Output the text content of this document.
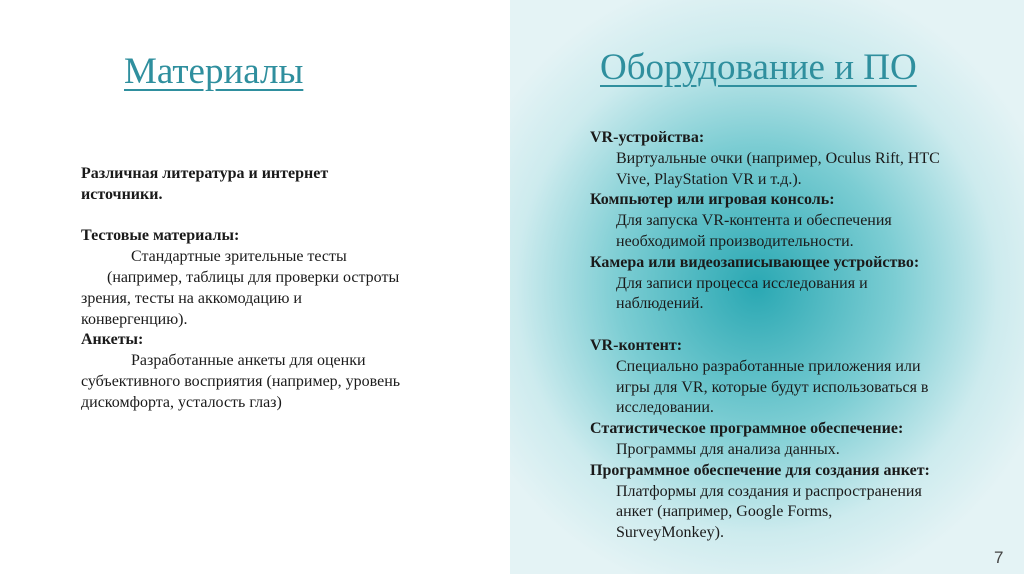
Материалы	Оборудование и ПО
Различная литература и интернет
источники.
Тестовые материалы:
Стандартные зрительные тесты
(например, таблицы для проверки остроты
зрения, тесты на аккомодацию и
конвергенцию).
Анкеты:
Разработанные анкеты для оценки
субъективного восприятия (например, уровень
дискомфорта, усталость глаз)
VR-устройства:
Виртуальные очки (например, Oculus Rift, HTC
Vive, PlayStation VR и т.д.).
Компьютер или игровая консоль:
Для запуска VR-контента и обеспечения
необходимой производительности.
Камера или видеозаписывающее устройство:
Для записи процесса исследования и
наблюдений.
VR-контент:
Специально разработанные приложения или
игры для VR, которые будут использоваться в
исследовании.
Статистическое программное обеспечение:
Программы для анализа данных.
Программное обеспечение для создания анкет:
Платформы для создания и распространения
анкет (например, Google Forms,
SurveyMonkey).
7
